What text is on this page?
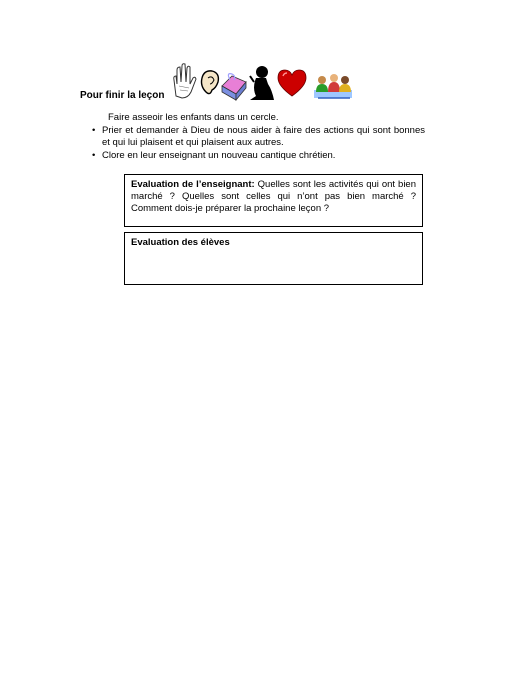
Pour finir la leçon
Faire asseoir les enfants dans un cercle.
• Prier et demander à Dieu de nous aider à faire des actions qui sont bonnes et qui lui plaisent et qui plaisent aux autres.
• Clore en leur enseignant un nouveau cantique chrétien.
Evaluation de l’enseignant: Quelles sont les activités qui ont bien marché ? Quelles sont celles qui n’ont pas bien marché ? Comment dois-je préparer la prochaine leçon ?
Evaluation des élèves
